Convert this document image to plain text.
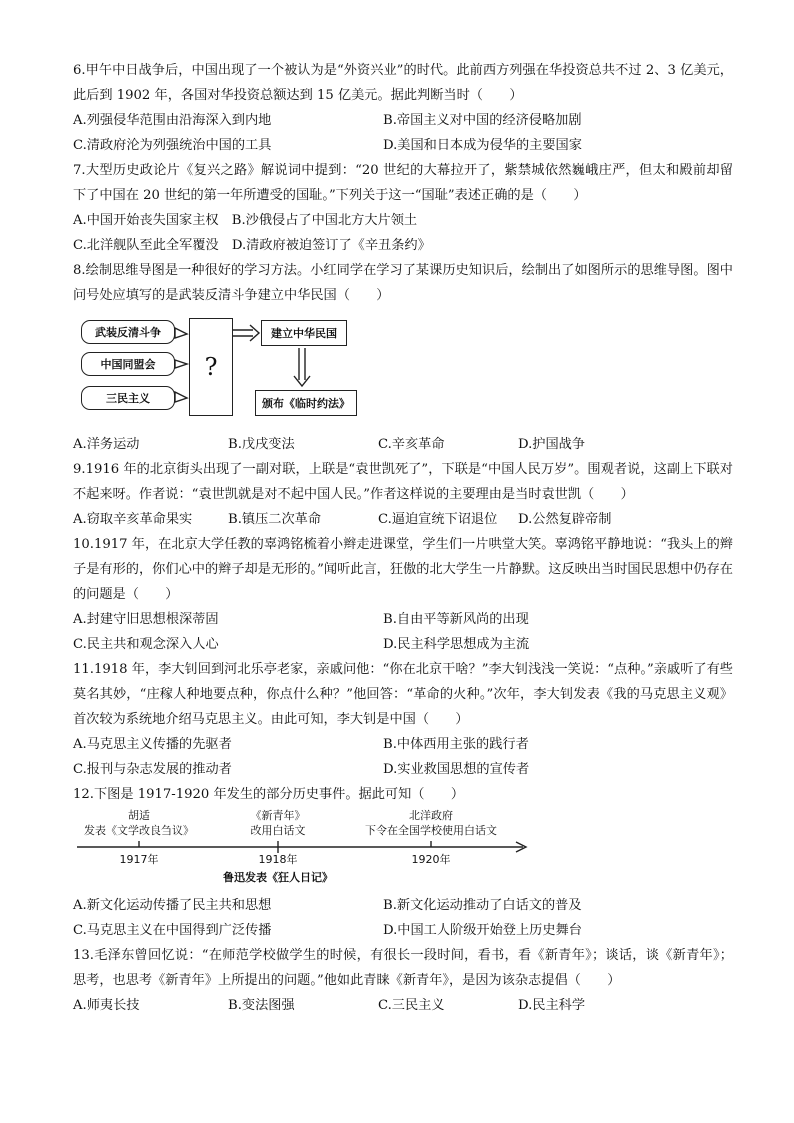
6.甲午中日战争后，中国出现了一个被认为是“外资兴业”的时代。此前西方列强在华投资总共不过 2、3 亿美元，此后到 1902 年，各国对华投资总额达到 15 亿美元。据此判断当时（　　）

A.列强侵华范围由沿海深入到内地	B.帝国主义对中国的经济侵略加剧
C.清政府沦为列强统治中国的工具	D.美国和日本成为侵华的主要国家

7.大型历史政论片《复兴之路》解说词中提到：“20 世纪的大幕拉开了，紫禁城依然巍峨庄严，但太和殿前却留下了中国在 20 世纪的第一年所遭受的国耻。”下列关于这一“国耻”表述正确的是（　　）

A.中国开始丧失国家主权　B.沙俄侵占了中国北方大片领土
C.北洋舰队至此全军覆没　D.清政府被迫签订了《辛丑条约》

8.绘制思维导图是一种很好的学习方法。小红同学在学习了某课历史知识后，绘制出了如图所示的思维导图。图中问号处应填写的是武装反清斗争建立中华民国（　　）

武装反清斗争
中国同盟会
三民主义
?
建立中华民国
颁布《临时约法》
A.洋务运动	B.戊戌变法	C.辛亥革命	D.护国战争

9.1916 年的北京街头出现了一副对联，上联是“袁世凯死了”，下联是“中国人民万岁”。围观者说，这副上下联对不起来呀。作者说：“袁世凯就是对不起中国人民。”作者这样说的主要理由是当时袁世凯（　　）

A.窃取辛亥革命果实	B.镇压二次革命	C.逼迫宣统下诏退位	D.公然复辟帝制

10.1917 年，在北京大学任教的辜鸿铭梳着小辫走进课堂，学生们一片哄堂大笑。辜鸿铭平静地说：“我头上的辫子是有形的，你们心中的辫子却是无形的。”闻听此言，狂傲的北大学生一片静默。这反映出当时国民思想中仍存在的问题是（　　）

A.封建守旧思想根深蒂固	B.自由平等新风尚的出现
C.民主共和观念深入人心	D.民主科学思想成为主流

11.1918 年，李大钊回到河北乐亭老家，亲戚问他：“你在北京干啥？”李大钊浅浅一笑说：“点种。”亲戚听了有些莫名其妙，“庄稼人种地要点种，你点什么种？”他回答：“革命的火种。”次年，李大钊发表《我的马克思主义观》首次较为系统地介绍马克思主义。由此可知，李大钊是中国（　　）

A.马克思主义传播的先驱者	B.中体西用主张的践行者
C.报刊与杂志发展的推动者	D.实业救国思想的宣传者

12.下图是 1917-1920 年发生的部分历史事件。据此可知（　　）

胡适
发表《文学改良刍议》
《新青年》
改用白话文
北洋政府
下令在全国学校使用白话文
1917年	1918年	1920年
鲁迅发表《狂人日记》
A.新文化运动传播了民主共和思想	B.新文化运动推动了白话文的普及
C.马克思主义在中国得到广泛传播	D.中国工人阶级开始登上历史舞台

13.毛泽东曾回忆说：“在师范学校做学生的时候，有很长一段时间，看书，看《新青年》；谈话，谈《新青年》；思考，也思考《新青年》上所提出的问题。”他如此青睐《新青年》，是因为该杂志提倡（　　）

A.师夷长技	B.变法图强	C.三民主义	D.民主科学
